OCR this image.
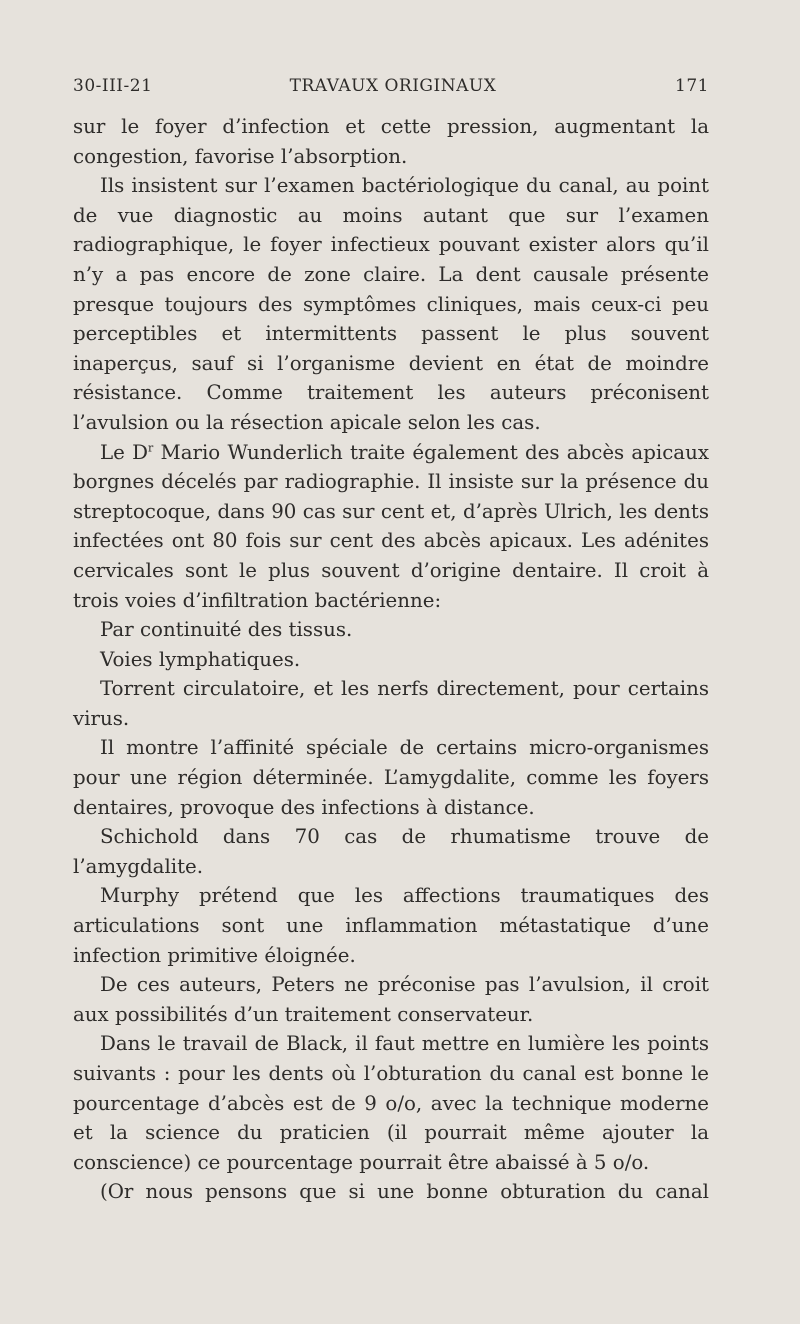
30-III-21	TRAVAUX ORIGINAUX	171

sur le foyer d’infection et cette pression, augmentant la congestion, favorise l’absorption.

Ils insistent sur l’examen bactériologique du canal, au point de vue diagnostic au moins autant que sur l’examen radiographique, le foyer infectieux pouvant exister alors qu’il n’y a pas encore de zone claire. La dent causale présente presque toujours des symptômes cliniques, mais ceux-ci peu perceptibles et intermittents passent le plus souvent inaperçus, sauf si l’organisme devient en état de moindre résistance. Comme traitement les auteurs préconisent l’avulsion ou la résection apicale selon les cas.

Le $D^r$ Mario Wunderlich traite également des abcès apicaux borgnes décelés par radiographie. Il insiste sur la présence du streptocoque, dans 90 cas sur cent et, d’après Ulrich, les dents infectées ont 80 fois sur cent des abcès apicaux. Les adénites cervicales sont le plus souvent d’origine dentaire. Il croit à trois voies d’infiltration bactérienne:

Par continuité des tissus.

Voies lymphatiques.

Torrent circulatoire, et les nerfs directement, pour certains virus.

Il montre l’affinité spéciale de certains micro-organismes pour une région déterminée. L’amygdalite, comme les foyers dentaires, provoque des infections à distance.

Schichold dans 70 cas de rhumatisme trouve de l’amygdalite.

Murphy prétend que les affections traumatiques des articulations sont une inflammation métastatique d’une infection primitive éloignée.

De ces auteurs, Peters ne préconise pas l’avulsion, il croit aux possibilités d’un traitement conservateur.

Dans le travail de Black, il faut mettre en lumière les points suivants : pour les dents où l’obturation du canal est bonne le pourcentage d’abcès est de 9 o/o, avec la technique moderne et la science du praticien (il pourrait même ajouter la conscience) ce pourcentage pourrait être abaissé à 5 o/o.

(Or nous pensons que si une bonne obturation du canal
